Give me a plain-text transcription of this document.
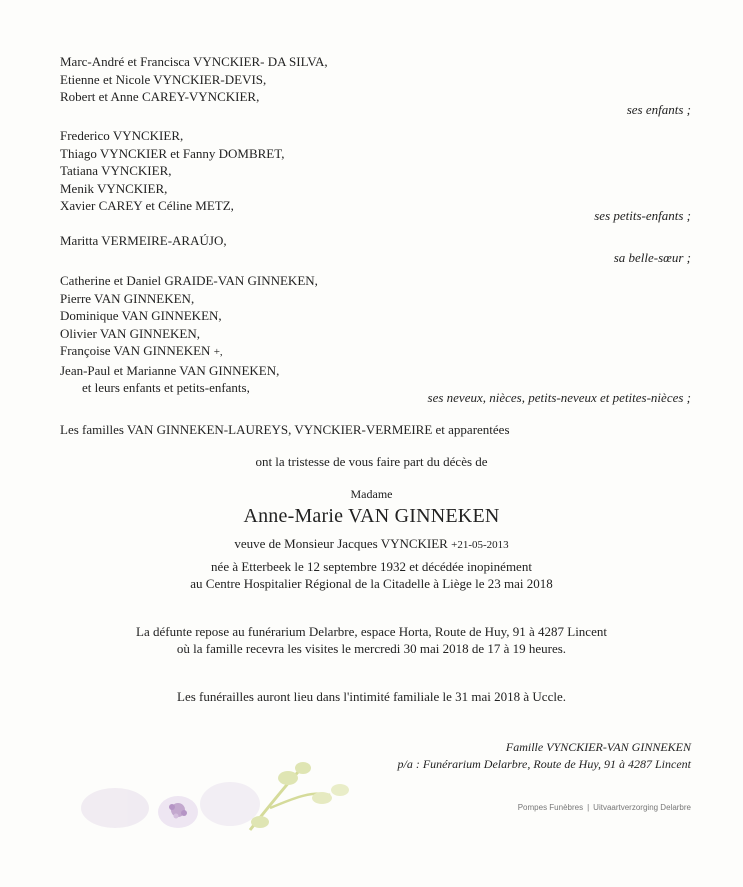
Marc-André et Francisca VYNCKIER- DA SILVA,
Etienne et Nicole VYNCKIER-DEVIS,
Robert et Anne CAREY-VYNCKIER,
ses enfants ;
Frederico VYNCKIER,
Thiago VYNCKIER et Fanny DOMBRET,
Tatiana VYNCKIER,
Menik VYNCKIER,
Xavier CAREY et Céline METZ,
ses petits-enfants ;
Maritta VERMEIRE-ARAÚJO,
sa belle-sœur ;
Catherine et Daniel GRAIDE-VAN GINNEKEN,
Pierre VAN GINNEKEN,
Dominique VAN GINNEKEN,
Olivier VAN GINNEKEN,
Françoise VAN GINNEKEN +,
Jean-Paul et Marianne VAN GINNEKEN,
et leurs enfants et petits-enfants,
ses neveux, nièces, petits-neveux et petites-nièces ;
Les familles VAN GINNEKEN-LAUREYS, VYNCKIER-VERMEIRE et apparentées
ont la tristesse de vous faire part du décès de
Madame
Anne-Marie VAN GINNEKEN
veuve de Monsieur Jacques VYNCKIER +21-05-2013
née à Etterbeek le 12 septembre 1932 et décédée inopinément
au Centre Hospitalier Régional de la Citadelle à Liège le 23 mai 2018
La défunte repose au funérarium Delarbre, espace Horta, Route de Huy, 91 à 4287 Lincent
où la famille recevra les visites le mercredi 30 mai 2018 de 17 à 19 heures.
Les funérailles auront lieu dans l'intimité familiale le 31 mai 2018 à Uccle.
Famille VYNCKIER-VAN GINNEKEN
p/a : Funérarium Delarbre, Route de Huy, 91 à 4287 Lincent
Pompes Funèbres | Uitvaartverzorging Delarbre
